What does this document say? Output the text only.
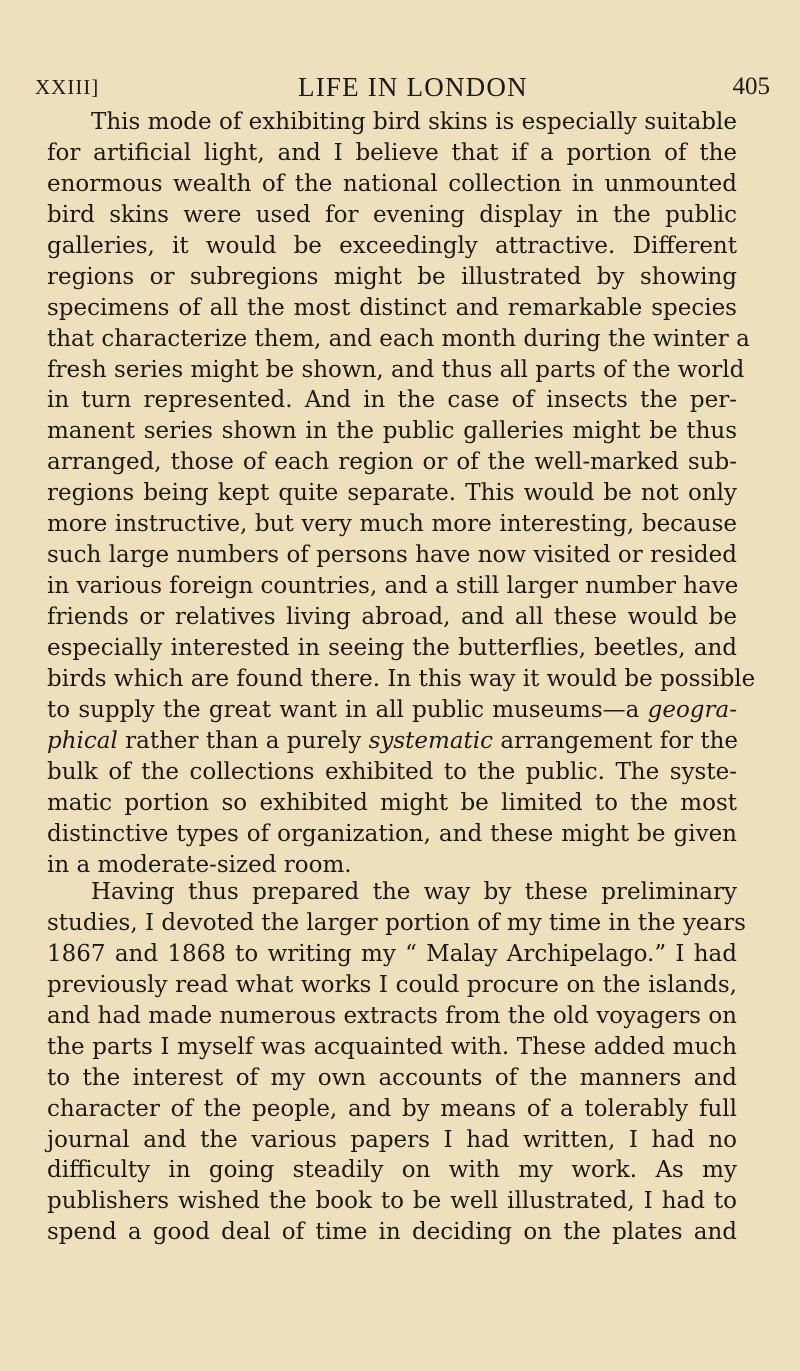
XXIII]	LIFE IN LONDON	405

This mode of exhibiting bird skins is especially suitable
for artificial light, and I believe that if a portion of the
enormous wealth of the national collection in unmounted
bird skins were used for evening display in the public
galleries, it would be exceedingly attractive. Different
regions or subregions might be illustrated by showing
specimens of all the most distinct and remarkable species
that characterize them, and each month during the winter a
fresh series might be shown, and thus all parts of the world
in turn represented. And in the case of insects the per-
manent series shown in the public galleries might be thus
arranged, those of each region or of the well-marked sub-
regions being kept quite separate. This would be not only
more instructive, but very much more interesting, because
such large numbers of persons have now visited or resided
in various foreign countries, and a still larger number have
friends or relatives living abroad, and all these would be
especially interested in seeing the butterflies, beetles, and
birds which are found there. In this way it would be possible
to supply the great want in all public museums—a geogra-
phical rather than a purely systematic arrangement for the
bulk of the collections exhibited to the public. The syste-
matic portion so exhibited might be limited to the most
distinctive types of organization, and these might be given
in a moderate-sized room.

Having thus prepared the way by these preliminary
studies, I devoted the larger portion of my time in the years
1867 and 1868 to writing my “ Malay Archipelago.” I had
previously read what works I could procure on the islands,
and had made numerous extracts from the old voyagers on
the parts I myself was acquainted with. These added much
to the interest of my own accounts of the manners and
character of the people, and by means of a tolerably full
journal and the various papers I had written, I had no
difficulty in going steadily on with my work. As my
publishers wished the book to be well illustrated, I had to
spend a good deal of time in deciding on the plates and
